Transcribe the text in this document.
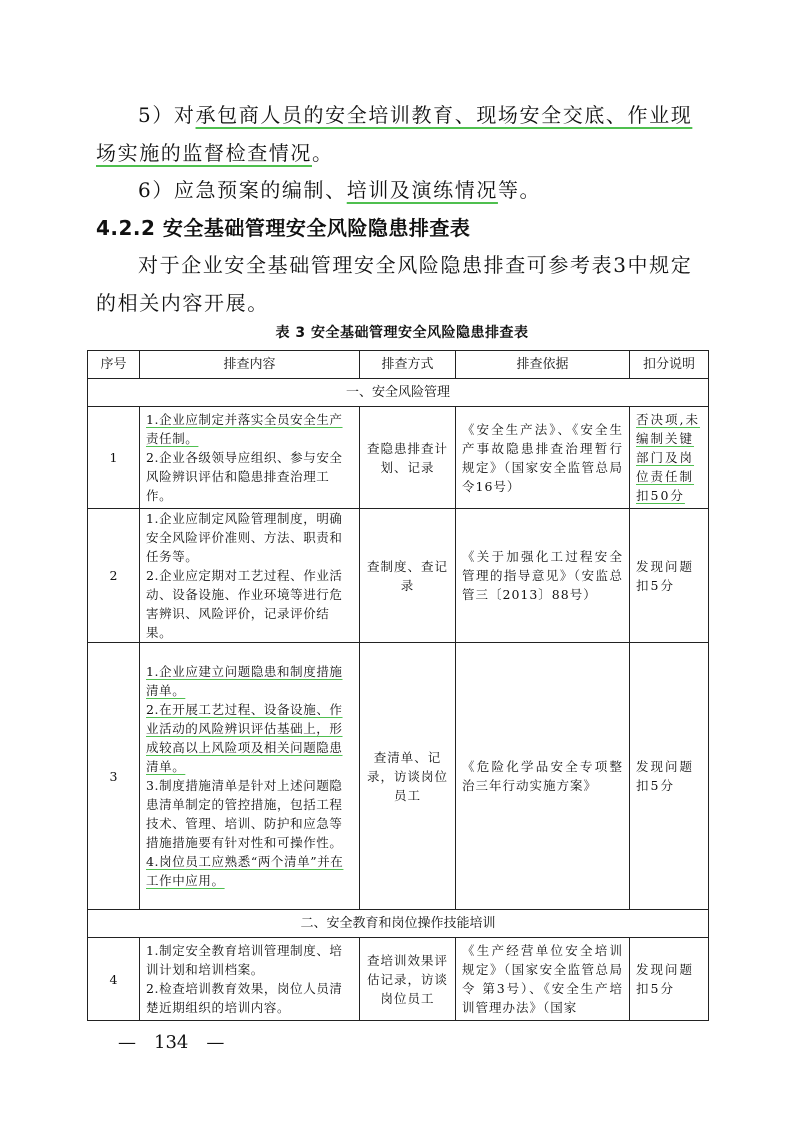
5）对承包商人员的安全培训教育、现场安全交底、作业现
场实施的监督检查情况。

6）应急预案的编制、培训及演练情况等。

4.2.2 安全基础管理安全风险隐患排查表

对于企业安全基础管理安全风险隐患排查可参考表3中规定
的相关内容开展。

表 3 安全基础管理安全风险隐患排查表
序号	排查内容	排查方式	排查依据	扣分说明
一、安全风险管理				
1	1.企业应制定并落实全员安全生产责任制。
2.企业各级领导应组织、参与安全风险辨识评估和隐患排查治理工作。	查隐患排查计划、记录	《安全生产法》、《安全生产事故隐患排查治理暂行规定》（国家安全监管总局令16号）	否决项,未编制关键部门及岗位责任制扣50分
2	1.企业应制定风险管理制度，明确安全风险评价准则、方法、职责和任务等。
2.企业应定期对工艺过程、作业活动、设备设施、作业环境等进行危害辨识、风险评价，记录评价结果。	查制度、查记录	《关于加强化工过程安全管理的指导意见》（安监总管三〔2013〕88号）	发现问题扣5分
3	1.企业应建立问题隐患和制度措施清单。
2.在开展工艺过程、设备设施、作业活动的风险辨识评估基础上，形成较高以上风险项及相关问题隐患清单。
3.制度措施清单是针对上述问题隐患清单制定的管控措施，包括工程技术、管理、培训、防护和应急等措施措施要有针对性和可操作性。
4.岗位员工应熟悉“两个清单”并在工作中应用。	查清单、记录，访谈岗位员工	《危险化学品安全专项整治三年行动实施方案》	发现问题扣5分
二、安全教育和岗位操作技能培训				
4	1.制定安全教育培训管理制度、培训计划和培训档案。
2.检查培训教育效果，岗位人员清楚近期组织的培训内容。	查培训效果评估记录，访谈岗位员工	《生产经营单位安全培训规定》（国家安全监管总局令 第3号）、《安全生产培训管理办法》（国家	发现问题扣5分
—　134　—
